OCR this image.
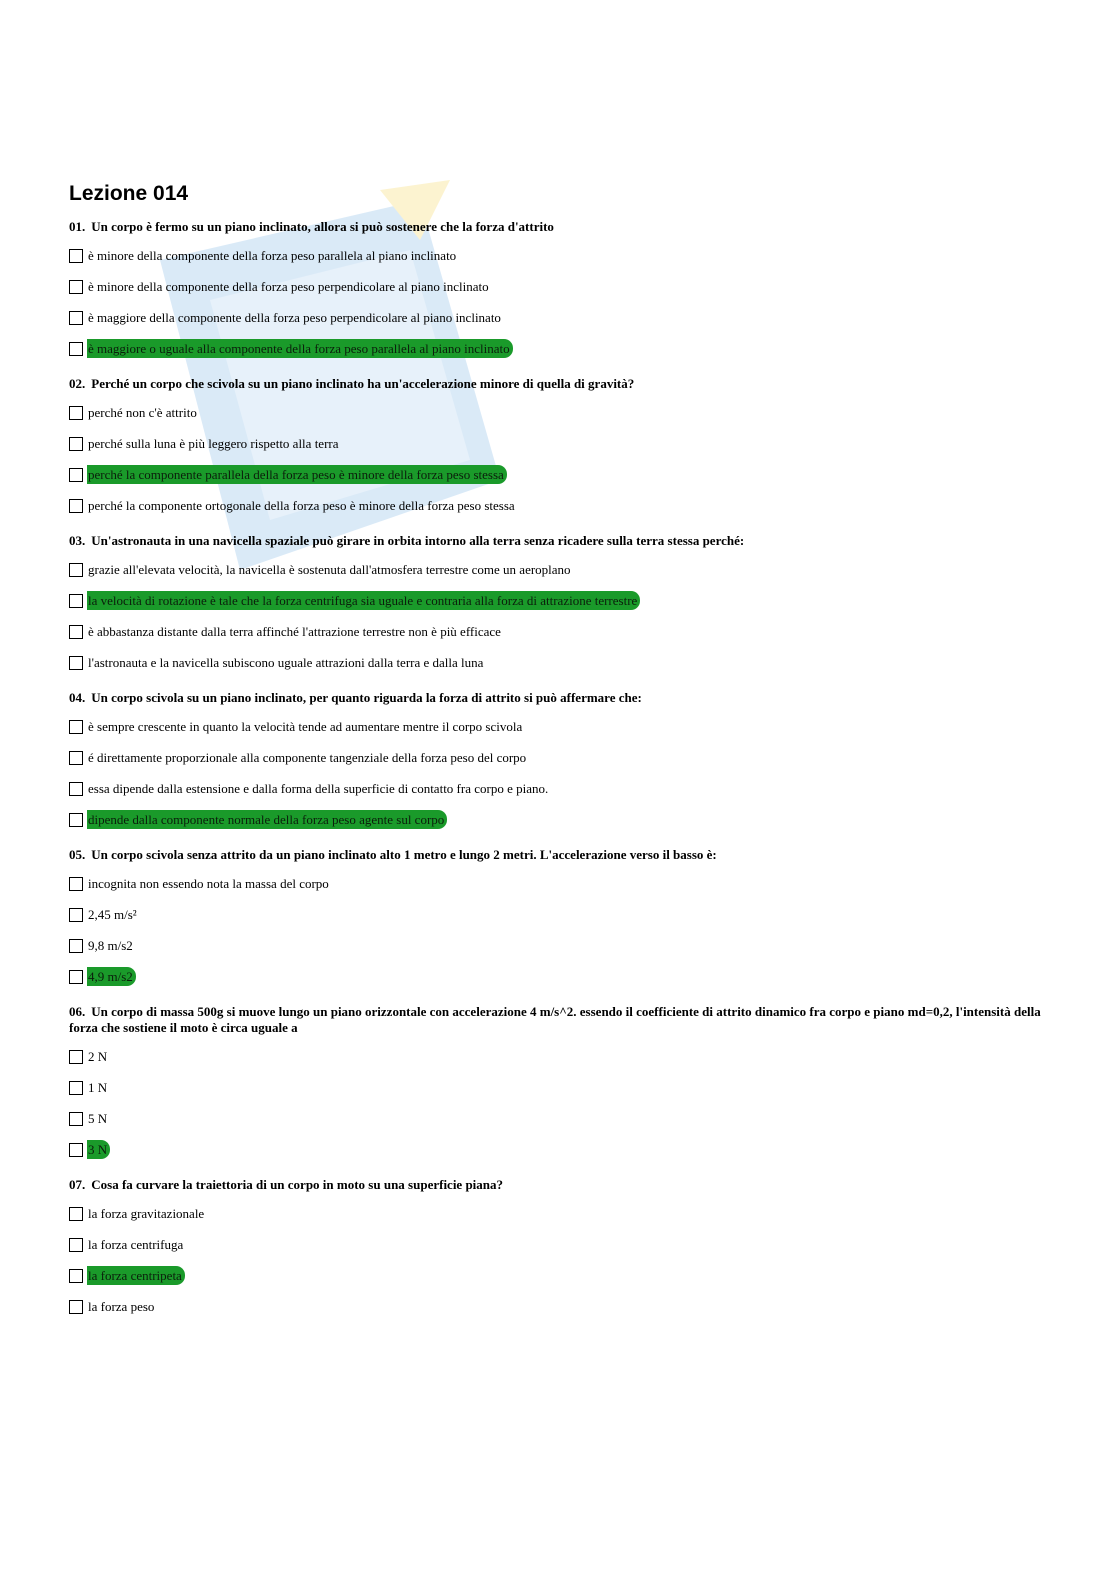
Lezione 014
01. Un corpo è fermo su un piano inclinato, allora si può sostenere che la forza d'attrito
è minore della componente della forza peso parallela al piano inclinato
è minore della componente della forza peso perpendicolare al piano inclinato
è maggiore della componente della forza peso perpendicolare al piano inclinato
è maggiore o uguale alla componente della forza peso parallela al piano inclinato
02. Perché un corpo che scivola su un piano inclinato ha un'accelerazione minore di quella di gravità?
perché non c'è attrito
perché sulla luna è più leggero rispetto alla terra
perché la componente parallela della forza peso è minore della forza peso stessa
perché la componente ortogonale della forza peso è minore della forza peso stessa
03. Un'astronauta in una navicella spaziale può girare in orbita intorno alla terra senza ricadere sulla terra stessa perché:
grazie all'elevata velocità, la navicella è sostenuta dall'atmosfera terrestre come un aeroplano
la velocità di rotazione è tale che la forza centrifuga sia uguale e contraria alla forza di attrazione terrestre
è abbastanza distante dalla terra affinché l'attrazione terrestre non è più efficace
l'astronauta e la navicella subiscono uguale attrazioni dalla terra e dalla luna
04. Un corpo scivola su un piano inclinato, per quanto riguarda la forza di attrito si può affermare che:
è sempre crescente in quanto la velocità tende ad aumentare mentre il corpo scivola
é direttamente proporzionale alla componente tangenziale della forza peso del corpo
essa dipende dalla estensione e dalla forma della superficie di contatto fra corpo e piano.
dipende dalla componente normale della forza peso agente sul corpo
05. Un corpo scivola senza attrito da un piano inclinato alto 1 metro e lungo 2 metri. L'accelerazione verso il basso è:
incognita non essendo nota la massa del corpo
2,45 m/s²
9,8 m/s2
4,9 m/s2
06. Un corpo di massa 500g si muove lungo un piano orizzontale con accelerazione 4 m/s^2. essendo il coefficiente di attrito dinamico fra corpo e piano md=0,2, l'intensità della forza che sostiene il moto è circa uguale a
2 N
1 N
5 N
3 N
07. Cosa fa curvare la traiettoria di un corpo in moto su una superficie piana?
la forza gravitazionale
la forza centrifuga
la forza centripeta
la forza peso
